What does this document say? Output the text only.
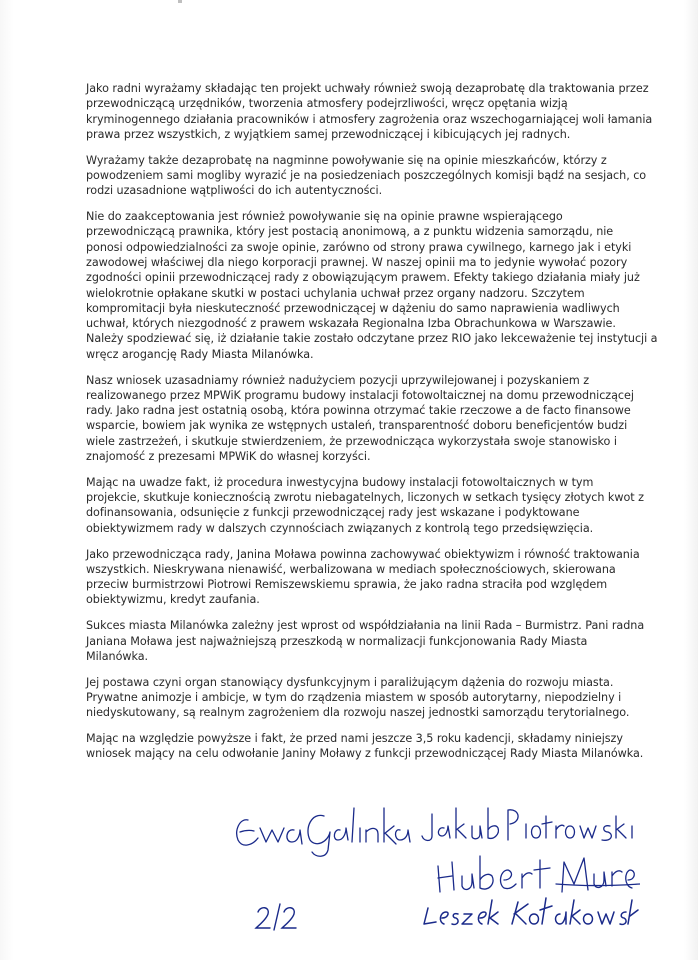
Jako radni wyrażamy składając ten projekt uchwały również swoją dezaprobatę dla traktowania przez
przewodniczącą urzędników, tworzenia atmosfery podejrzliwości, wręcz opętania wizją
kryminogennego działania pracowników i atmosfery zagrożenia oraz wszechogarniającej woli łamania
prawa przez wszystkich, z wyjątkiem samej przewodniczącej i kibicujących jej radnych.
Wyrażamy także dezaprobatę na nagminne powoływanie się na opinie mieszkańców, którzy z
powodzeniem sami mogliby wyrazić je na posiedzeniach poszczególnych komisji bądź na sesjach, co
rodzi uzasadnione wątpliwości do ich autentyczności.
Nie do zaakceptowania jest również powoływanie się na opinie prawne wspierającego
przewodniczącą prawnika, który jest postacią anonimową, a z punktu widzenia samorządu, nie
ponosi odpowiedzialności za swoje opinie, zarówno od strony prawa cywilnego, karnego jak i etyki
zawodowej właściwej dla niego korporacji prawnej. W naszej opinii ma to jedynie wywołać pozory
zgodności opinii przewodniczącej rady z obowiązującym prawem. Efekty takiego działania miały już
wielokrotnie opłakane skutki w postaci uchylania uchwał przez organy nadzoru. Szczytem
kompromitacji była nieskuteczność przewodniczącej w dążeniu do samo naprawienia wadliwych
uchwał, których niezgodność z prawem wskazała Regionalna Izba Obrachunkowa w Warszawie.
Należy spodziewać się, iż działanie takie zostało odczytane przez RIO jako lekceważenie tej instytucji a
wręcz arogancję Rady Miasta Milanówka.
Nasz wniosek uzasadniamy również nadużyciem pozycji uprzywilejowanej i pozyskaniem z
realizowanego przez MPWiK programu budowy instalacji fotowoltaicznej na domu przewodniczącej
rady. Jako radna jest ostatnią osobą, która powinna otrzymać takie rzeczowe a de facto finansowe
wsparcie, bowiem jak wynika ze wstępnych ustaleń, transparentność doboru beneficjentów budzi
wiele zastrzeżeń, i skutkuje stwierdzeniem, że przewodnicząca wykorzystała swoje stanowisko i
znajomość z prezesami MPWiK do własnej korzyści.
Mając na uwadze fakt, iż procedura inwestycyjna budowy instalacji fotowoltaicznych w tym
projekcie, skutkuje koniecznością zwrotu niebagatelnych, liczonych w setkach tysięcy złotych kwot z
dofinansowania, odsunięcie z funkcji przewodniczącej rady jest wskazane i podyktowane
obiektywizmem rady w dalszych czynnościach związanych z kontrolą tego przedsięwzięcia.
Jako przewodnicząca rady, Janina Moława powinna zachowywać obiektywizm i równość traktowania
wszystkich. Nieskrywana nienawiść, werbalizowana w mediach społecznościowych, skierowana
przeciw burmistrzowi Piotrowi Remiszewskiemu sprawia, że jako radna straciła pod względem
obiektywizmu, kredyt zaufania.
Sukces miasta Milanówka zależny jest wprost od współdziałania na linii Rada – Burmistrz. Pani radna
Janiana Moława jest najważniejszą przeszkodą w normalizacji funkcjonowania Rady Miasta
Milanówka.
Jej postawa czyni organ stanowiący dysfunkcyjnym i paraliżującym dążenia do rozwoju miasta.
Prywatne animozje i ambicje, w tym do rządzenia miastem w sposób autorytarny, niepodzielny i
niedyskutowany, są realnym zagrożeniem dla rozwoju naszej jednostki samorządu terytorialnego.
Mając na względzie powyższe i fakt, że przed nami jeszcze 3,5 roku kadencji, składamy niniejszy
wniosek mający na celu odwołanie Janiny Moławy z funkcji przewodniczącej Rady Miasta Milanówka.
